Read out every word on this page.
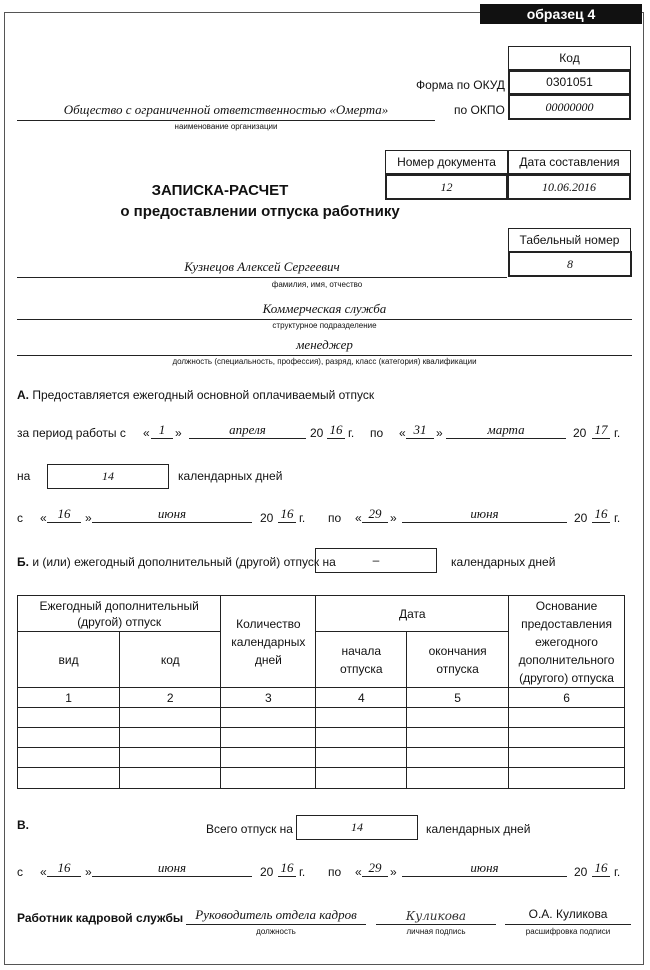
образец 4
Код
Форма по ОКУД	0301051
по ОКПО	00000000
Общество с ограниченной ответственностью «Омерта»
наименование организации
Номер документа	Дата составления
12	10.06.2016
ЗАПИСКА-РАСЧЕТ
о предоставлении отпуска работнику
Табельный номер
8
Кузнецов Алексей Сергеевич
фамилия, имя, отчество
Коммерческая служба
структурное подразделение
менеджер
должность (специальность, профессия), разряд, класс (категория) квалификации
А. Предоставляется ежегодный основной оплачиваемый отпуск
за период работы с « 1 »	апреля	20 16 г. по « 31 »	марта	20 17 г.
на	14	календарных дней
с « 16	»	июня	20 16 г. по « 29 »	июня	20 16 г.
Б. и (или) ежегодный дополнительный (другой) отпуск на	–	календарных дней
Ежегодный дополнительный (другой) отпуск		Количество календарных дней	Дата		Основание предоставления ежегодного дополнительного (другого) отпуска
вид	код		начала отпуска	окончания отпуска	
1	2	3	4	5	6

В.	Всего отпуск на	14	календарных дней
с « 16	»	июня	20 16 г. по « 29 »	июня	20 16 г.
Работник кадровой службы Руководитель отдела кадров
должность
Куликова
личная подпись
О.А. Куликова
расшифровка подписи
